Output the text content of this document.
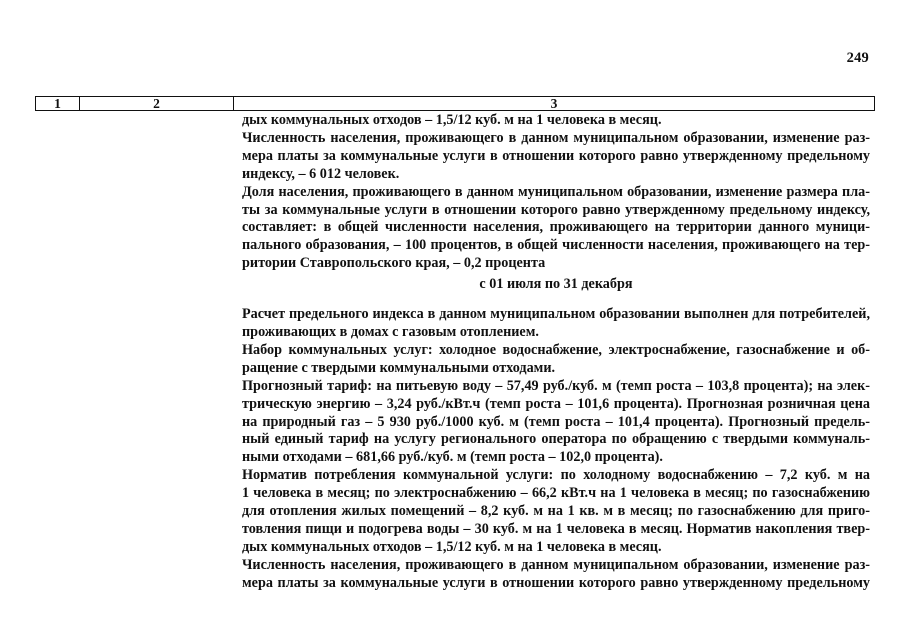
249
1	2	3

дых коммунальных отходов – 1,5/12 куб. м на 1 человека в месяц.

Численность населения, проживающего в данном муниципальном образовании, изменение раз-
мера платы за коммунальные услуги в отношении которого равно утвержденному предельному
индексу, – 6 012 человек.

Доля населения, проживающего в данном муниципальном образовании, изменение размера пла-
ты за коммунальные услуги в отношении которого равно утвержденному предельному индексу,
составляет: в общей численности населения, проживающего на территории данного муници-
пального образования, – 100 процентов, в общей численности населения, проживающего на тер-
ритории Ставропольского края, – 0,2 процента

с 01 июля по 31 декабря

Расчет предельного индекса в данном муниципальном образовании выполнен для потребителей,
проживающих в домах с газовым отоплением.

Набор коммунальных услуг: холодное водоснабжение, электроснабжение, газоснабжение и об-
ращение с твердыми коммунальными отходами.

Прогнозный тариф: на питьевую воду – 57,49 руб./куб. м (темп роста – 103,8 процента); на элек-
трическую энергию – 3,24 руб./кВт.ч (темп роста – 101,6 процента). Прогнозная розничная цена
на природный газ – 5 930 руб./1000 куб. м (темп роста – 101,4 процента). Прогнозный предель-
ный единый тариф на услугу регионального оператора по обращению с твердыми коммуналь-
ными отходами – 681,66 руб./куб. м (темп роста – 102,0 процента).

Норматив потребления коммунальной услуги: по холодному водоснабжению – 7,2 куб. м на
1 человека в месяц; по электроснабжению – 66,2 кВт.ч на 1 человека в месяц; по газоснабжению
для отопления жилых помещений – 8,2 куб. м на 1 кв. м в месяц; по газоснабжению для приго-
товления пищи и подогрева воды – 30 куб. м на 1 человека в месяц. Норматив накопления твер-
дых коммунальных отходов – 1,5/12 куб. м на 1 человека в месяц.

Численность населения, проживающего в данном муниципальном образовании, изменение раз-
мера платы за коммунальные услуги в отношении которого равно утвержденному предельному
